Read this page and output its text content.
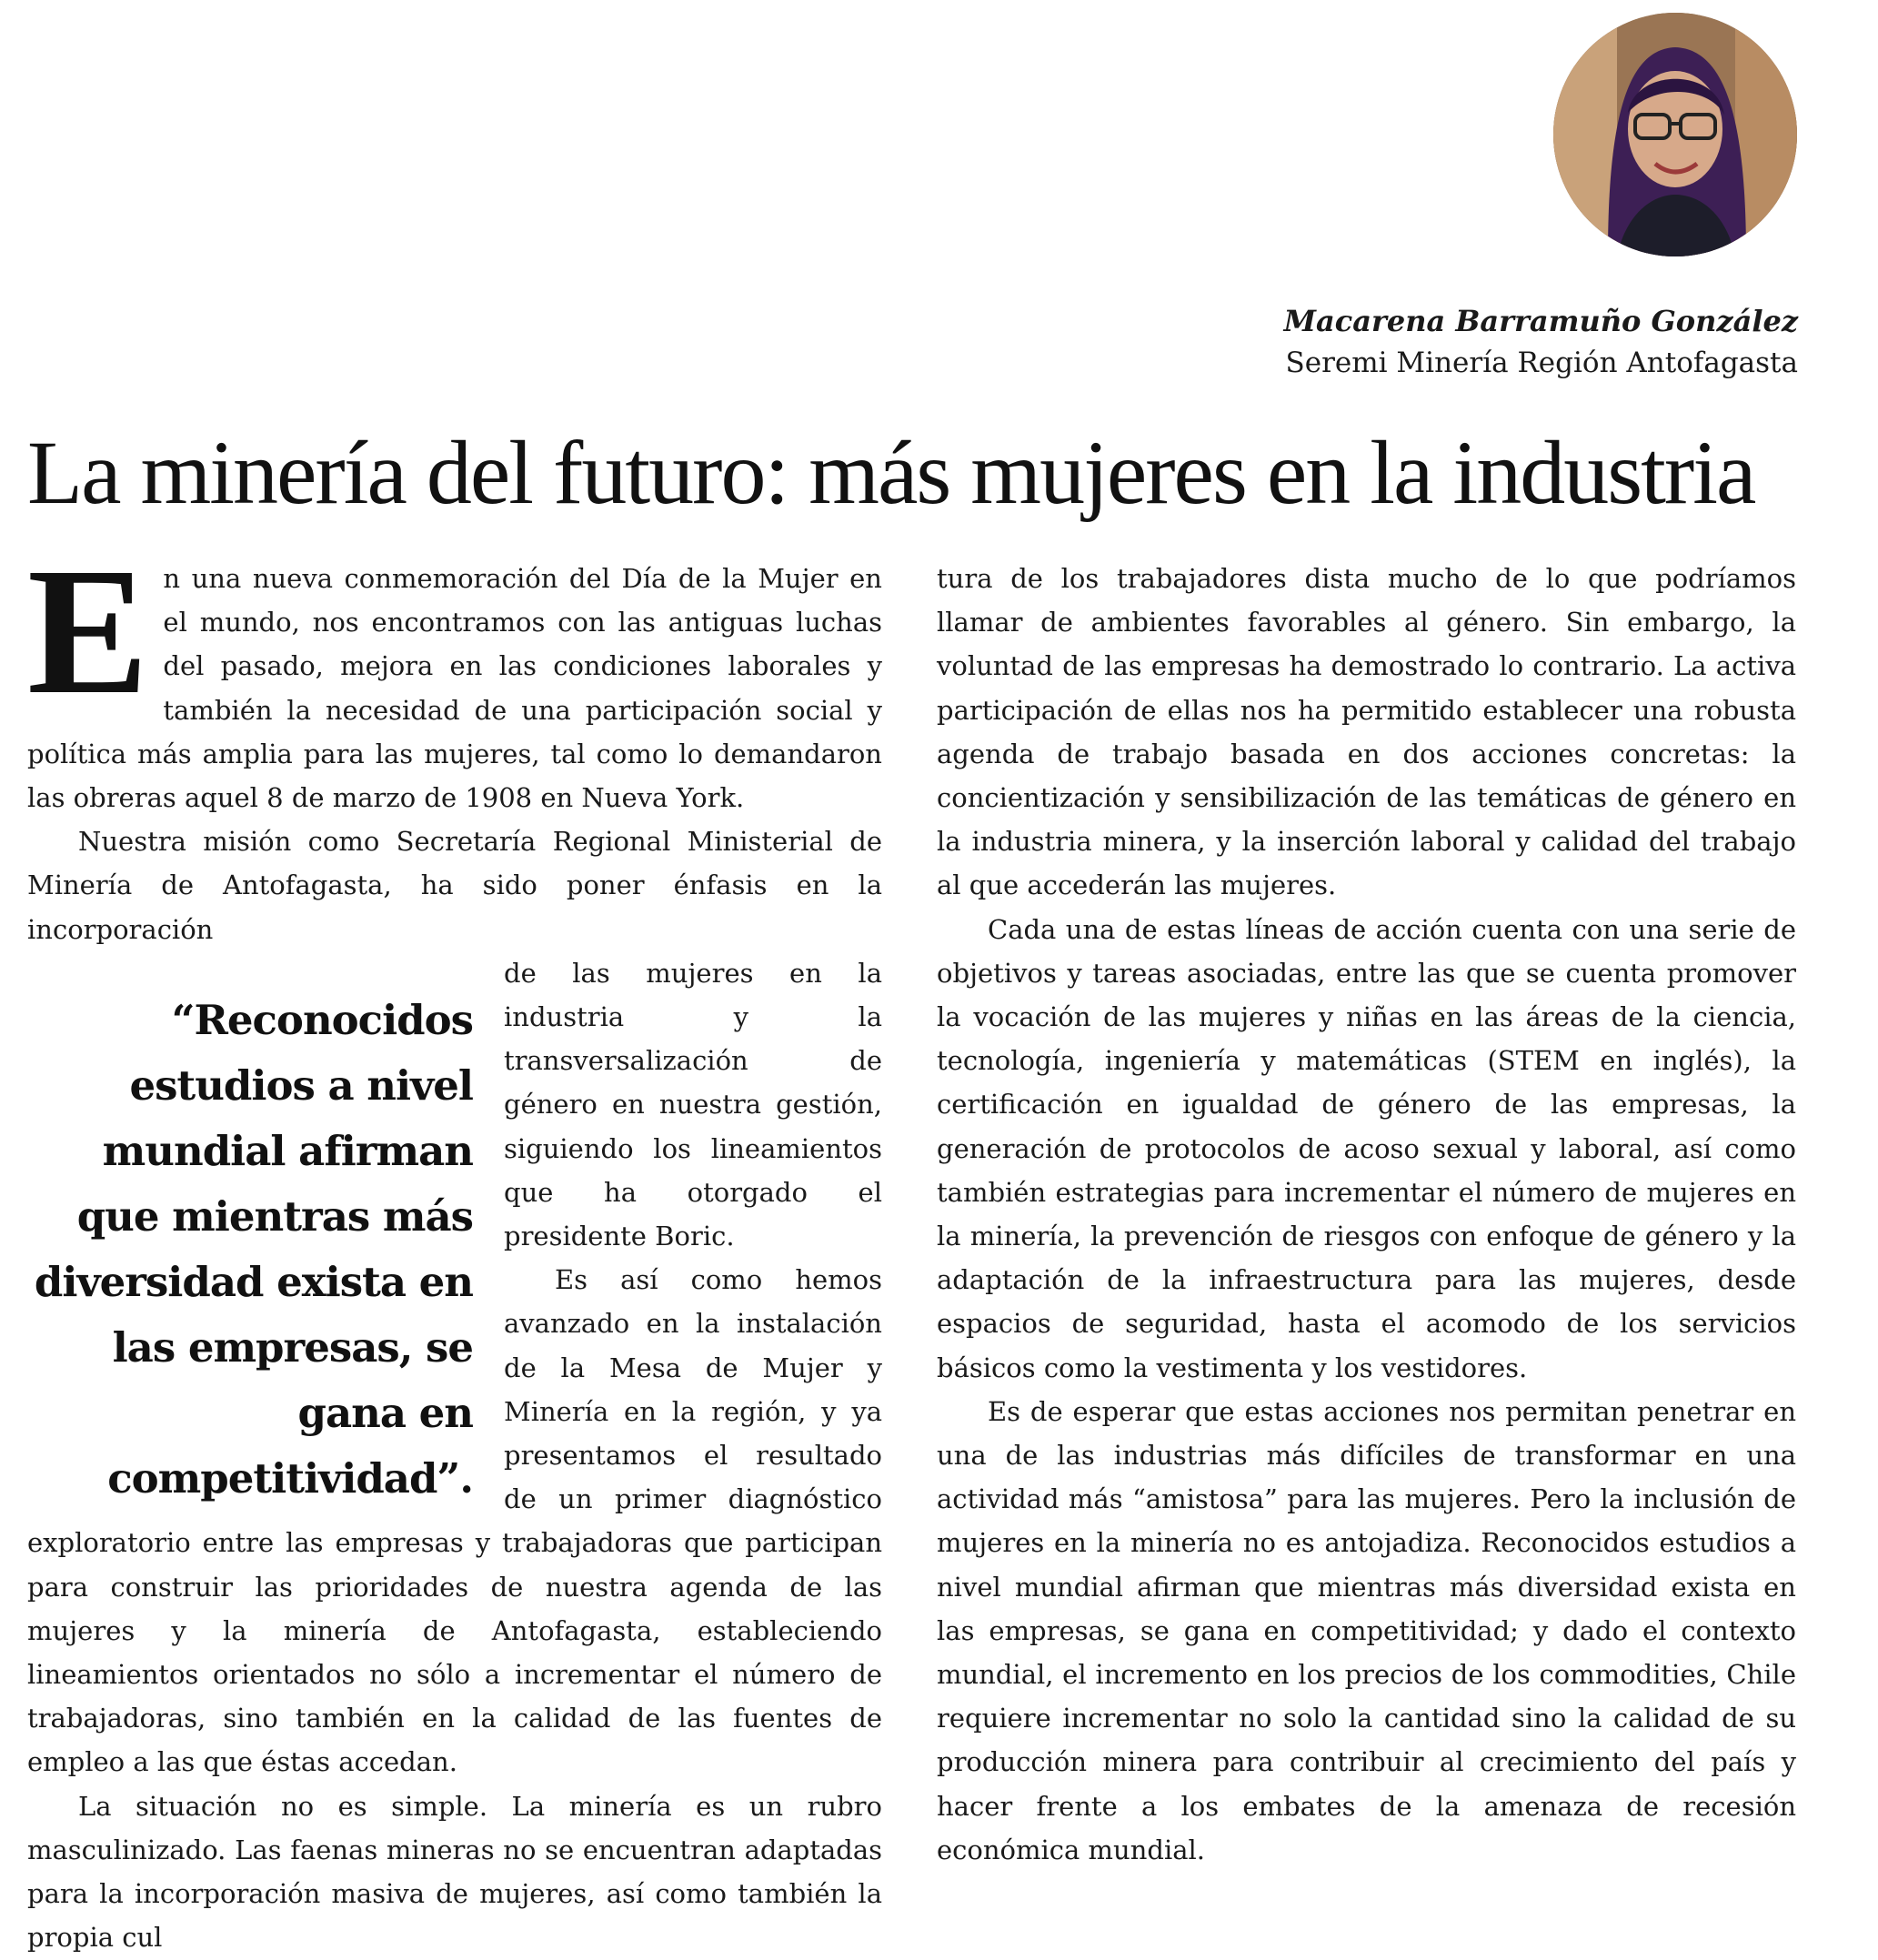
Macarena Barramuño González
Seremi Minería Región Antofagasta
La minería del futuro: más mujeres en la industria

En una nueva conmemoración del Día de la Mujer en el mundo, nos encontramos con las antiguas luchas del pasado, mejora en las condiciones laborales y también la necesidad de una participación social y política más amplia para las mujeres, tal como lo demandaron las obreras aquel 8 de marzo de 1908 en Nueva York.

Nuestra misión como Secretaría Regional Ministerial de Minería de Antofagasta, ha sido poner énfasis en la incorporación

“Reconocidos estudios a nivel mundial afirman que mientras más diversidad exista en las empresas, se gana en competitividad”.

de las mujeres en la industria y la transversalización de género en nuestra gestión, siguiendo los lineamientos que ha otorgado el presidente Boric.

Es así como hemos avanzado en la instalación de la Mesa de Mujer y Minería en la región, y ya presentamos el resultado de un primer diagnóstico exploratorio entre las empresas y trabajadoras que participan para construir las prioridades de nuestra agenda de las mujeres y la minería de Antofagasta, estableciendo lineamientos orientados no sólo a incrementar el número de trabajadoras, sino también en la calidad de las fuentes de empleo a las que éstas accedan.

La situación no es simple. La minería es un rubro masculinizado. Las faenas mineras no se encuentran adaptadas para la incorporación masiva de mujeres, así como también la propia cul

tura de los trabajadores dista mucho de lo que podríamos llamar de ambientes favorables al género. Sin embargo, la voluntad de las empresas ha demostrado lo contrario. La activa participación de ellas nos ha permitido establecer una robusta agenda de trabajo basada en dos acciones concretas: la concientización y sensibilización de las temáticas de género en la industria minera, y la inserción laboral y calidad del trabajo al que accederán las mujeres.

Cada una de estas líneas de acción cuenta con una serie de objetivos y tareas asociadas, entre las que se cuenta promover la vocación de las mujeres y niñas en las áreas de la ciencia, tecnología, ingeniería y matemáticas (STEM en inglés), la certificación en igualdad de género de las empresas, la generación de protocolos de acoso sexual y laboral, así como también estrategias para incrementar el número de mujeres en la minería, la prevención de riesgos con enfoque de género y la adaptación de la infraestructura para las mujeres, desde espacios de seguridad, hasta el acomodo de los servicios básicos como la vestimenta y los vestidores.

Es de esperar que estas acciones nos permitan penetrar en una de las industrias más difíciles de transformar en una actividad más “amistosa” para las mujeres. Pero la inclusión de mujeres en la minería no es antojadiza. Reconocidos estudios a nivel mundial afirman que mientras más diversidad exista en las empresas, se gana en competitividad; y dado el contexto mundial, el incremento en los precios de los commodities, Chile requiere incrementar no solo la cantidad sino la calidad de su producción minera para contribuir al crecimiento del país y hacer frente a los embates de la amenaza de recesión económica mundial.
